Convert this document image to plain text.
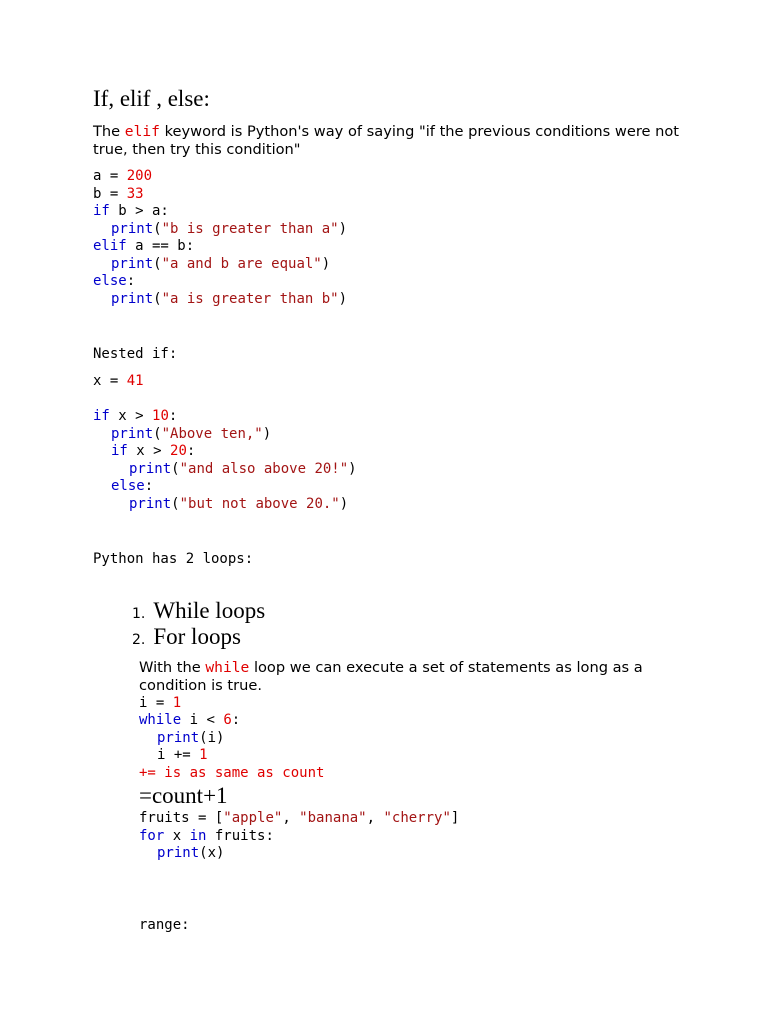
If, elif , else:
The elif keyword is Python's way of saying "if the previous conditions were not true, then try this condition"
a = 200
b = 33
if b > a:
print("b is greater than a")
elif a == b:
print("a and b are equal")
else:
print("a is greater than b")
Nested if:
x = 41
if x > 10:
print("Above ten,")
if x > 20:
print("and also above 20!")
else:
print("but not above 20.")
Python has 2 loops:

1. While loops

2. For loops

With the while loop we can execute a set of statements as long as a condition is true.
i = 1
while i < 6:
print(i)
i += 1
+= is as same as count
=count+1
fruits = ["apple", "banana", "cherry"]
for x in fruits:
print(x)
range:
